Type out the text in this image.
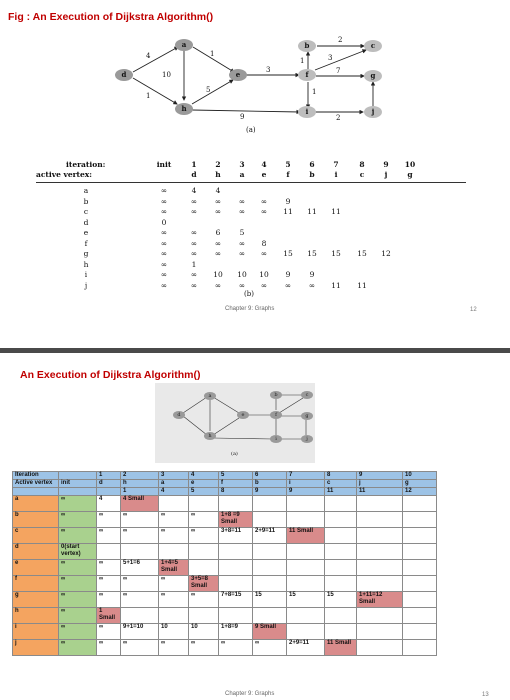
Fig : An Execution of Dijkstra Algorithm()
a	b	c
d	e	f	g
h	i	j
4	1
10
1
5
3
2
1	3
7
1
9	2
(a)
iteration:
active vertex:
init	1	2	3	4	5	6	7	8	9	10
d	h	a	e	f	b	i	c	j	g
a	∞	4	4
b	∞	∞	∞	∞	∞	9
c	∞	∞	∞	∞	∞	11	11	11
d	0
e	∞	∞	6	5
f	∞	∞	∞	∞	8
g	∞	∞	∞	∞	∞	15	15	15	15	12
h	∞	1
i	∞	∞	10	10	10	9	9
j	∞	∞	∞	∞	∞	∞	∞	11	11
(b)
Chapter 9: Graphs	12
An Execution of Dijkstra Algorithm()
a	b	c
d	e	f	g
h	i	j
(a)
Iteration		1	2	3	4	5	6	7	8	9	10
Active vertex	init	d	h	a	e	f	b	i	c	j	g
			1	4	5	8	9	9	11	11	12
a	∞	4	4 Small								
b	∞	∞	∞	∞	∞	1+8 =9 Small					
c	∞	∞	∞	∞	∞	3+8=11	2+9=11	11 Small			
d	0(start vertex)										
e	∞	∞	5+1=6	1+4=5 Small							
f	∞	∞	∞	∞	3+5=8 Small						
g	∞	∞	∞	∞	∞	7+8=15	15	15	15	1+11=12 Small	
h	∞	1 Small									
i	∞	∞	9+1=10	10	10	1+8=9	9 Small				
j	∞	∞	∞	∞	∞	∞	∞	2+9=11	11 Small		
Chapter 9: Graphs	13
